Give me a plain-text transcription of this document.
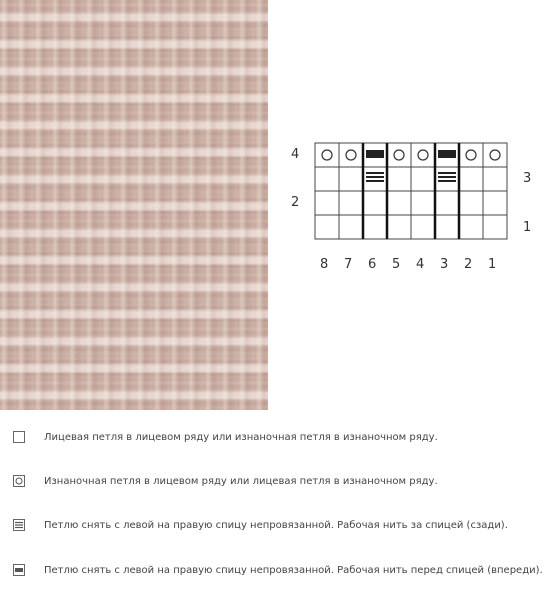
4
2
3
1
8 7 6 5 4 3 2 1
Лицевая петля в лицевом ряду или изнаночная петля в изнаночном ряду.
Изнаночная петля в лицевом ряду или лицевая петля в изнаночном ряду.
Петлю снять с левой на правую спицу непровязанной. Рабочая нить за спицей (сзади).
Петлю снять с левой на правую спицу непровязанной. Рабочая нить перед спицей (впереди).
